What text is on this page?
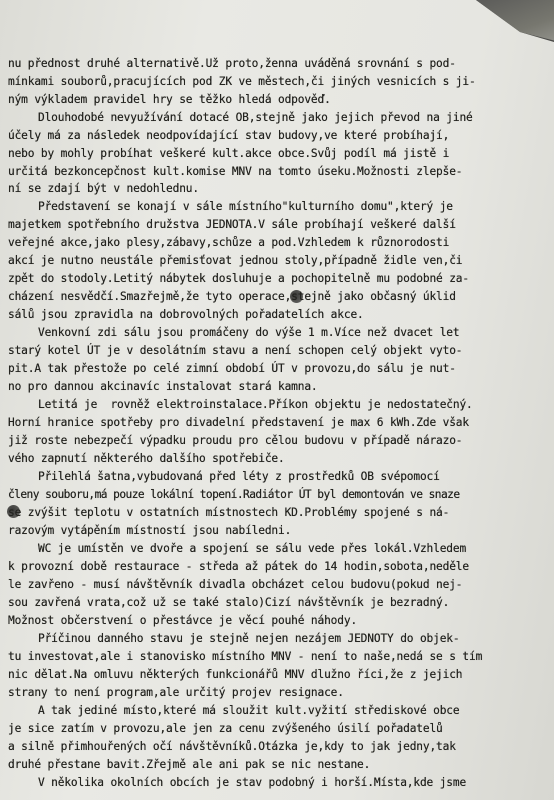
nu přednost druhé alternativě.Už proto,ženna uváděná srovnání s pod-

mínkami souborů,pracujících pod ZK ve městech,či jiných vesnicích s ji-

ným výkladem pravidel hry se těžko hledá odpověď.

Dlouhodobé nevyužívání dotacé OB,stejně jako jejich převod na jiné

účely má za následek neodpovídající stav budovy,ve které probíhají,

nebo by mohly probíhat veškeré kult.akce obce.Svůj podíl má jistě i

určitá bezkoncepčnost kult.komise MNV na tomto úseku.Možnosti zlepše-

ní se zdají být v nedohlednu.

Představení se konají v sále místního"kulturního domu",který je

majetkem spotřebního družstva JEDNOTA.V sále probíhají veškeré další

veřejné akce,jako plesy,zábavy,schůze a pod.Vzhledem k různorodosti

akcí je nutno neustále přemisťovat jednou stoly,případně židle ven,či

zpět do stodoly.Letitý nábytek dosluhuje a pochopitelně mu podobné za-

cházení nesvědčí.Smazřejmě,že tyto operace,stejně jako občasný úklid

sálů jsou zpravidla na dobrovolných pořadatelích akce.

Venkovní zdi sálu jsou promáčeny do výše 1 m.Více než dvacet let

starý kotel ÚT je v desolátním stavu a není schopen celý objekt vyto-

pit.A tak přestože po celé zimní období ÚT v provozu,do sálu je nut-

no pro dannou akcinavíc instalovat stará kamna.

Letitá je  rovněž elektroinstalace.Příkon objektu je nedostatečný.

Horní hranice spotřeby pro divadelní představení je max 6 kWh.Zde však

již roste nebezpečí výpadku proudu pro cělou budovu v případě nárazo-

vého zapnutí některého dalšího spotřebiče.

Přilehlá šatna,vybudovaná před léty z prostředků OB svépomocí

členy souboru,má pouze lokální topení.Radiátor ÚT byl demontován ve snaze

se zvýšit teplotu v ostatních místnostech KD.Problémy spojené s ná-

razovým vytápěním místností jsou nabíledni.

WC je umístěn ve dvoře a spojení se sálu vede přes lokál.Vzhledem

k provozní době restaurace - středa až pátek do 14 hodin,sobota,neděle

le zavřeno - musí návštěvník divadla obcházet celou budovu(pokud nej-

sou zavřená vrata,což už se také stalo)Cizí návštěvník je bezradný.

Možnost občerstvení o přestávce je věcí pouhé náhody.

Příčinou danného stavu je stejně nejen nezájem JEDNOTY do objek-

tu investovat,ale i stanovisko místního MNV - není to naše,nedá se s tím

nic dělat.Na omluvu některých funkcionářů MNV dlužno říci,že z jejich

strany to není program,ale určitý projev resignace.

A tak jediné místo,které má sloužit kult.vyžití střediskové obce

je sice zatím v provozu,ale jen za cenu zvýšeného úsilí pořadatelů

a silně přimhouřených očí návštěvníků.Otázka je,kdy to jak jedny,tak

druhé přestane bavit.Zřejmě ale ani pak se nic nestane.

V několika okolních obcích je stav podobný i horší.Místa,kde jsme
